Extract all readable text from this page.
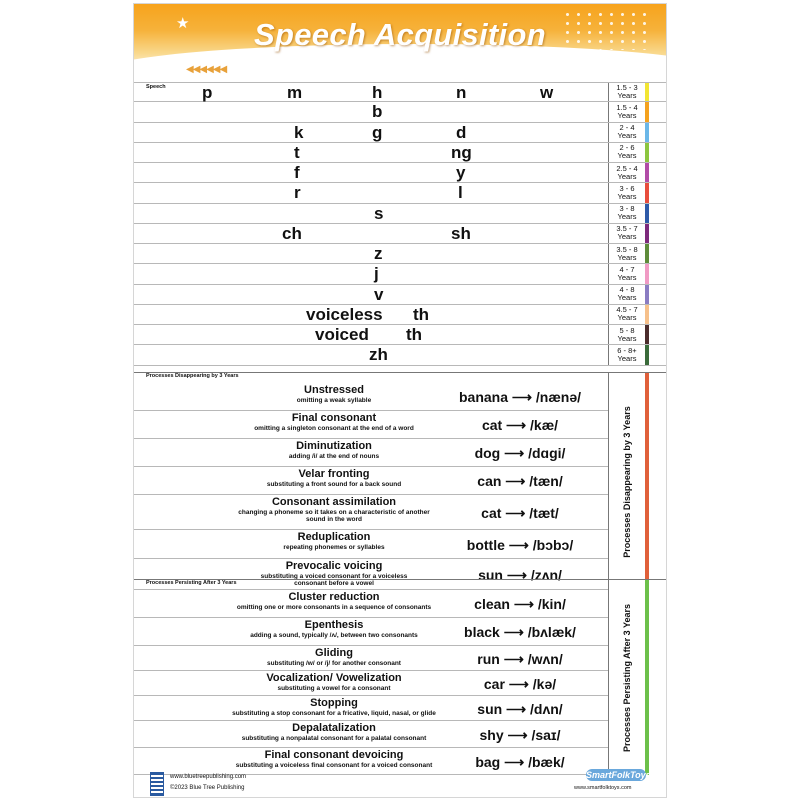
★	Speech Acquisition
◀◀◀◀◀◀
Speech p	m	h	n	w	1.5 - 3
Years
b	1.5 - 4
Years
k	g	d	2 - 4
Years
t	ng	2 - 6
Years
f	y	2.5 - 4
Years
r	l	3 - 6
Years
s	3 - 8
Years
ch	sh	3.5 - 7
Years
z	3.5 - 8
Years
j	4 - 7
Years
v	4 - 8
Years
voiceless th	4.5 - 7
Years
voiced th	5 - 8
Years
zh	6 - 8+
Years
Processes Disappearing by 3 Years
Unstressed
omitting a weak syllable	banana ⟶ /nænə/
Final consonant
omitting a singleton consonant at the end of a word	cat ⟶ /kæ/
Diminutization
adding /i/ at the end of nouns	dog ⟶ /dɑgi/
Velar fronting
substituting a front sound for a back sound	can ⟶ /tæn/
Consonant assimilation
changing a phoneme so it takes on a characteristic of another
sound in the word	cat ⟶ /tæt/
Reduplication
repeating phonemes or syllables	bottle ⟶ /bɔbɔ/
Prevocalic voicing
substituting a voiced consonant for a voiceless
consonant before a vowel
sun ⟶ /zʌn/
Processes Disappearing by 3 Years
Processes Persisting After 3 Years
Cluster reduction
omitting one or more consonants in a sequence of consonants	clean ⟶ /kin/
Epenthesis
adding a sound, typically /ʌ/, between two consonants	black ⟶ /bʌlæk/
Gliding
substituting /w/ or /j/ for another consonant	run ⟶ /wʌn/
Vocalization/ Vowelization
substituting a vowel for a consonant	car ⟶ /kə/
Stopping
substituting a stop consonant for a fricative, liquid, nasal, or glide	sun ⟶ /dʌn/
Depalatalization
substituting a nonpalatal consonant for a palatal consonant	shy ⟶ /saɪ/
Final consonant devoicing
substituting a voiceless final consonant for a voiced consonant	bag ⟶ /bæk/
Processes Persisting After 3 Years
www.bluetreepublishing.com
©2023 Blue Tree Publishing
SmartFolkToys
www.smartfolktoys.com
